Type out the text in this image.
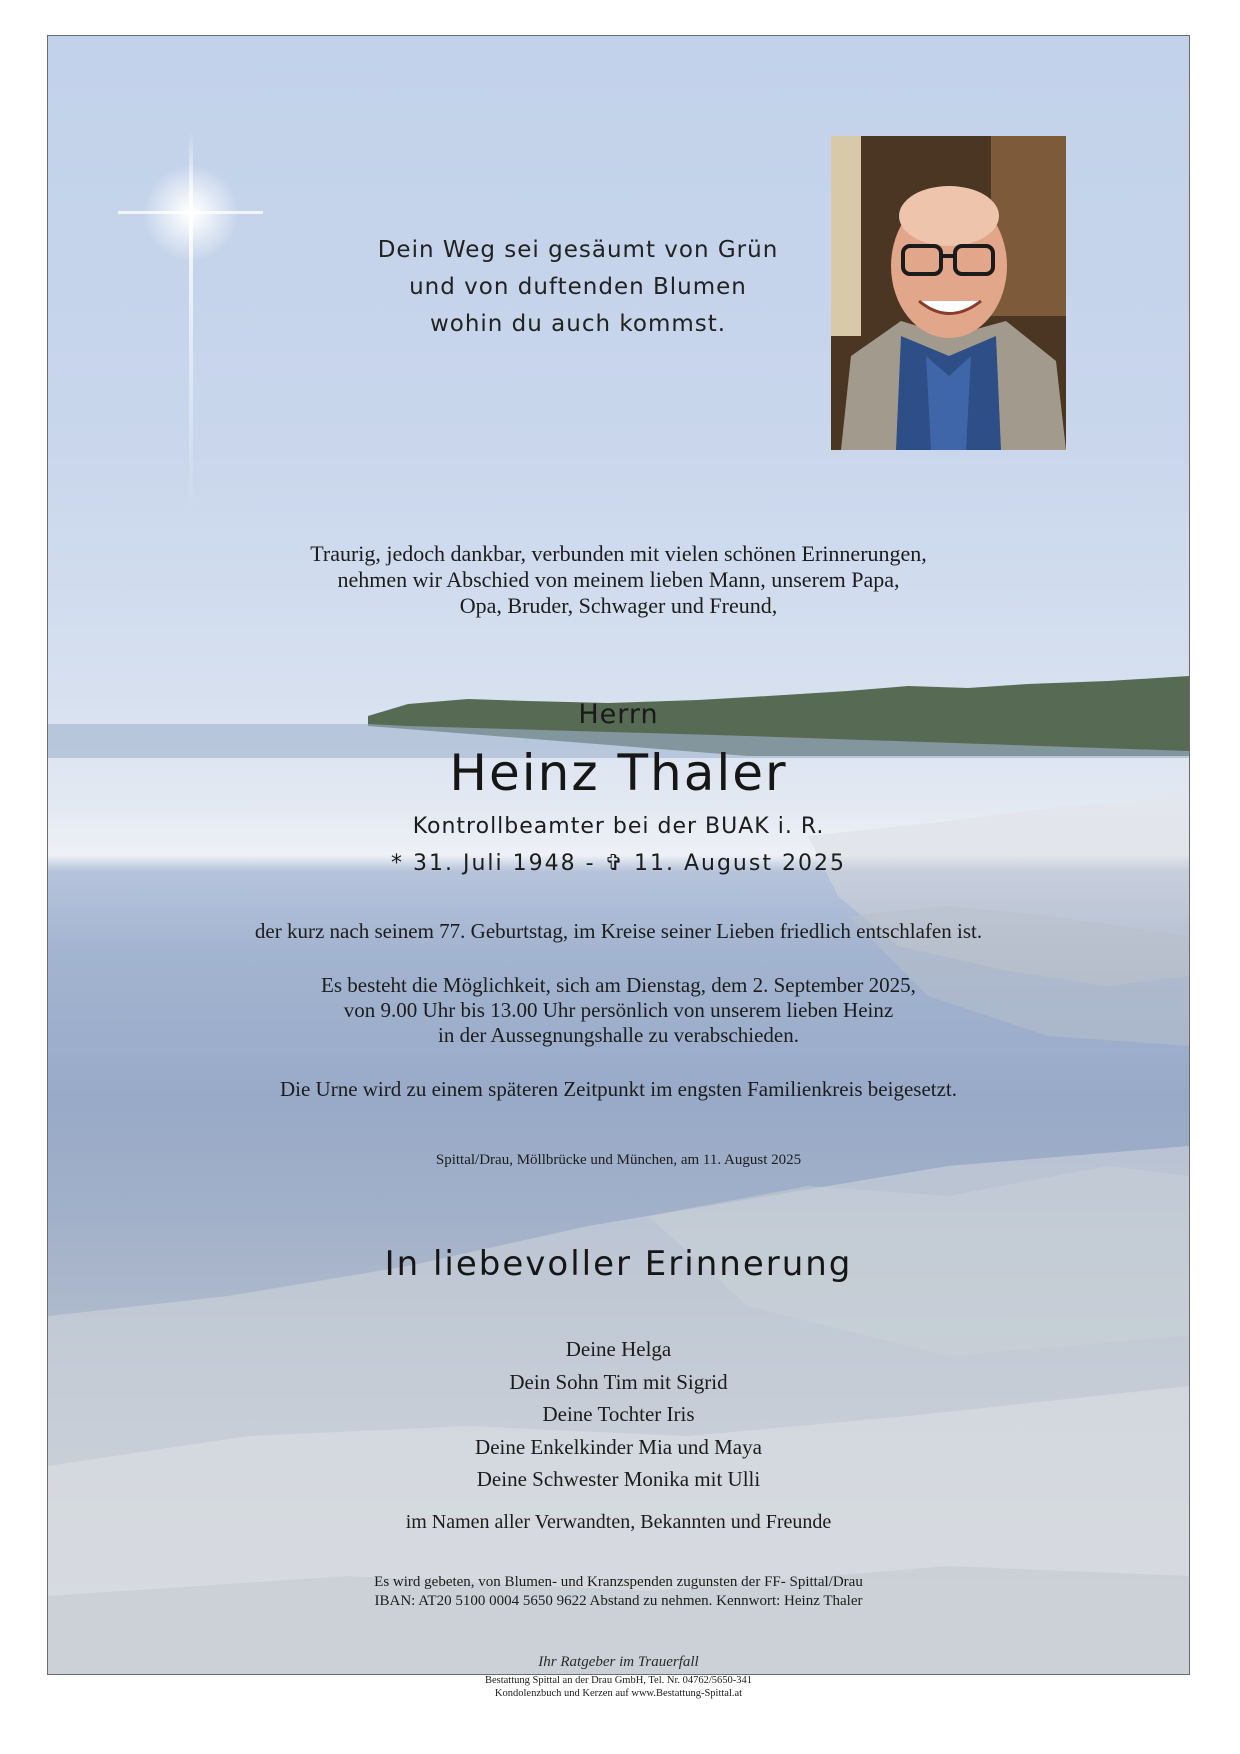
Dein Weg sei gesäumt von Grün
und von duftenden Blumen
wohin du auch kommst.
Traurig, jedoch dankbar, verbunden mit vielen schönen Erinnerungen,
nehmen wir Abschied von meinem lieben Mann, unserem Papa,
Opa, Bruder, Schwager und Freund,
Herrn
Heinz Thaler
Kontrollbeamter bei der BUAK i. R.
* 31. Juli 1948 - ✞ 11. August 2025
der kurz nach seinem 77. Geburtstag, im Kreise seiner Lieben friedlich entschlafen ist.
Es besteht die Möglichkeit, sich am Dienstag, dem 2. September 2025,
von 9.00 Uhr bis 13.00 Uhr persönlich von unserem lieben Heinz
in der Aussegnungshalle zu verabschieden.
Die Urne wird zu einem späteren Zeitpunkt im engsten Familienkreis beigesetzt.
Spittal/Drau, Möllbrücke und München, am 11. August 2025
In liebevoller Erinnerung
Deine Helga
Dein Sohn Tim mit Sigrid
Deine Tochter Iris
Deine Enkelkinder Mia und Maya
Deine Schwester Monika mit Ulli
im Namen aller Verwandten, Bekannten und Freunde
Es wird gebeten, von Blumen- und Kranzspenden zugunsten der FF- Spittal/Drau
IBAN: AT20 5100 0004 5650 9622 Abstand zu nehmen. Kennwort: Heinz Thaler
Ihr Ratgeber im Trauerfall
Bestattung Spittal an der Drau GmbH, Tel. Nr. 04762/5650-341
Kondolenzbuch und Kerzen auf www.Bestattung-Spittal.at
